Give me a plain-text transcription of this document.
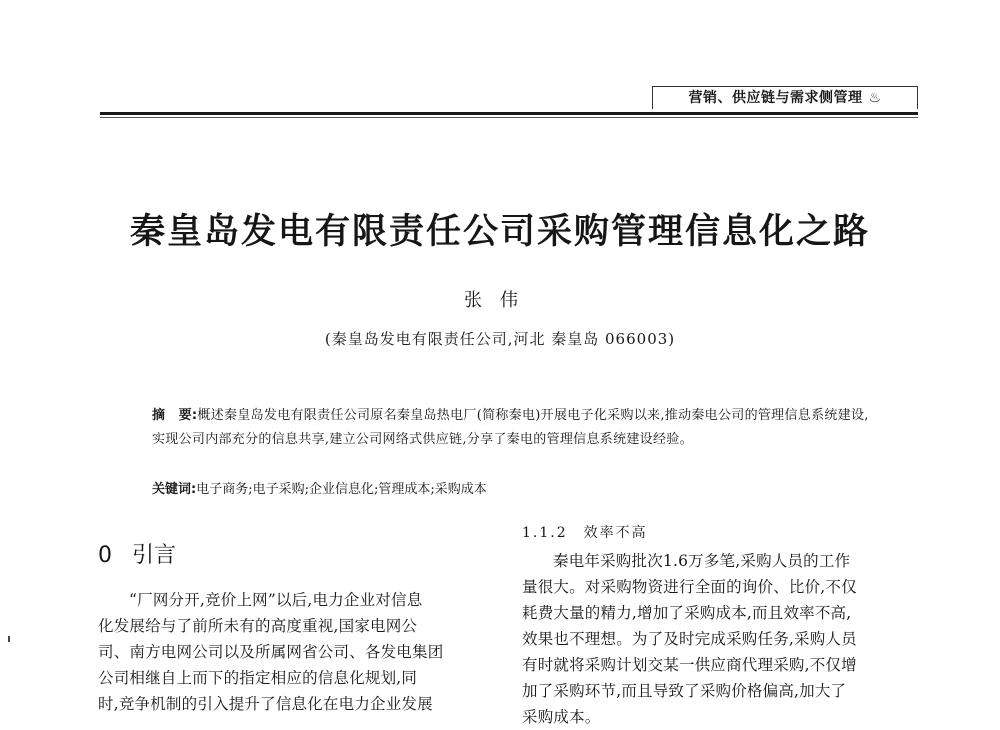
营销、供应链与需求侧管理 ♨
秦皇岛发电有限责任公司采购管理信息化之路
张伟
(秦皇岛发电有限责任公司,河北 秦皇岛 066003)
摘　要:概述秦皇岛发电有限责任公司原名秦皇岛热电厂(简称秦电)开展电子化采购以来,推动秦电公司的管理信息系统建设,实现公司内部充分的信息共享,建立公司网络式供应链,分享了秦电的管理信息系统建设经验。
关键词:电子商务;电子采购;企业信息化;管理成本;采购成本
0 引言

“厂网分开,竞价上网”以后,电力企业对信息
化发展给与了前所未有的高度重视,国家电网公
司、南方电网公司以及所属网省公司、各发电集团
公司相继自上而下的指定相应的信息化规划,同
时,竞争机制的引入提升了信息化在电力企业发展

1.1.2　效率不高

秦电年采购批次1.6万多笔,采购人员的工作
量很大。对采购物资进行全面的询价、比价,不仅
耗费大量的精力,增加了采购成本,而且效率不高,
效果也不理想。为了及时完成采购任务,采购人员
有时就将采购计划交某一供应商代理采购,不仅增
加了采购环节,而且导致了采购价格偏高,加大了
采购成本。
